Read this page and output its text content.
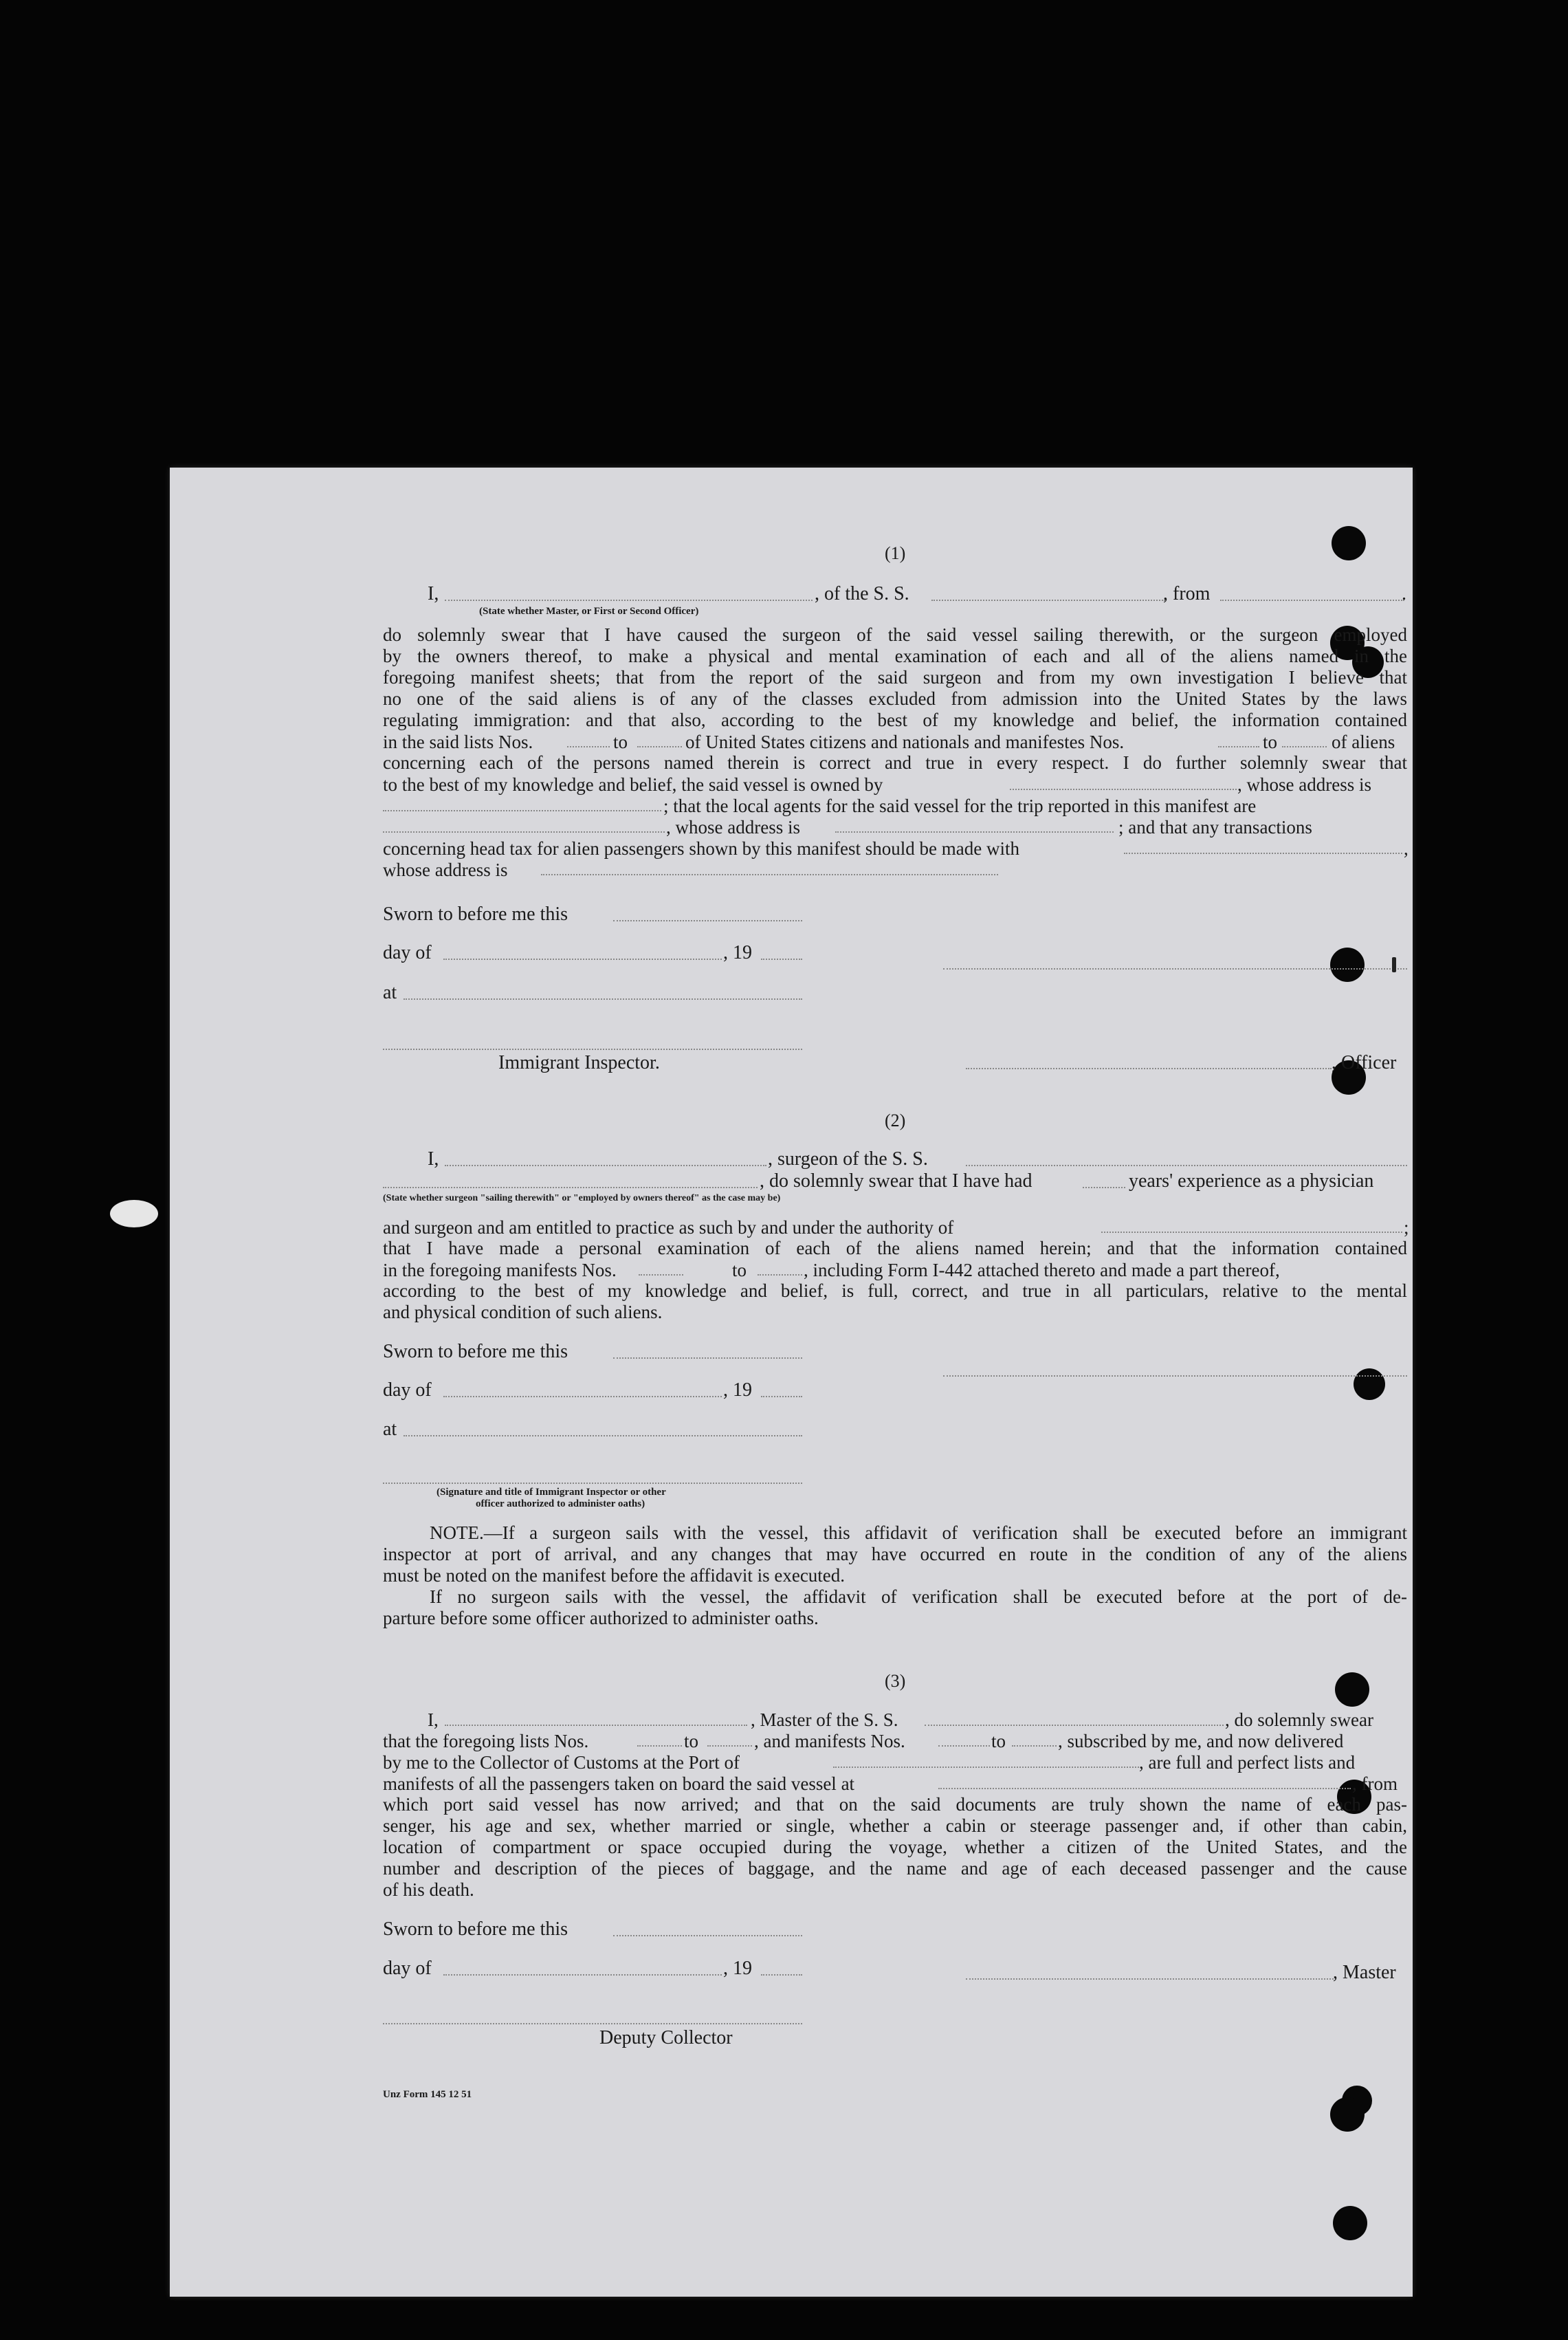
(1)
I,	, of the S. S.	, from	.
(State whether Master, or First or Second Officer)
do solemnly swear that I have caused the surgeon of the said vessel sailing therewith, or the surgeon employed
by the owners thereof, to make a physical and mental examination of each and all of the aliens named in the
foregoing manifest sheets; that from the report of the said surgeon and from my own investigation I believe that
no one of the said aliens is of any of the classes excluded from admission into the United States by the laws
regulating immigration: and that also, according to the best of my knowledge and belief, the information contained
in the said lists Nos.	to	of United States citizens and nationals and manifestes Nos.	to	of aliens
concerning each of the persons named therein is correct and true in every respect. I do further solemnly swear that
to the best of my knowledge and belief, the said vessel is owned by	, whose address is
; that the local agents for the said vessel for the trip reported in this manifest are
, whose address is	; and that any transactions
concerning head tax for alien passengers shown by this manifest should be made with	,
whose address is
Sworn to before me this
day of	, 19
at
Immigrant Inspector.	, Officer
(2)
I,	, surgeon of the S. S.
, do solemnly swear that I have had	years' experience as a physician
(State whether surgeon "sailing therewith" or "employed by owners thereof" as the case may be)
and surgeon and am entitled to practice as such by and under the authority of	;
that I have made a personal examination of each of the aliens named herein; and that the information contained
in the foregoing manifests Nos.	to	, including Form I-442 attached thereto and made a part thereof,
according to the best of my knowledge and belief, is full, correct, and true in all particulars, relative to the mental
and physical condition of such aliens.
Sworn to before me this
day of	, 19
at
(Signature and title of Immigrant Inspector or other
officer authorized to administer oaths)
NOTE.—If a surgeon sails with the vessel, this affidavit of verification shall be executed before an immigrant
inspector at port of arrival, and any changes that may have occurred en route in the condition of any of the aliens
must be noted on the manifest before the affidavit is executed.
If no surgeon sails with the vessel, the affidavit of verification shall be executed before at the port of de-
parture before some officer authorized to administer oaths.
(3)
I,	, Master of the S. S.	, do solemnly swear
that the foregoing lists Nos.	to	, and manifests Nos.	to	, subscribed by me, and now delivered
by me to the Collector of Customs at the Port of	, are full and perfect lists and
manifests of all the passengers taken on board the said vessel at	, from
which port said vessel has now arrived; and that on the said documents are truly shown the name of each pas-
senger, his age and sex, whether married or single, whether a cabin or steerage passenger and, if other than cabin,
location of compartment or space occupied during the voyage, whether a citizen of the United States, and the
number and description of the pieces of baggage, and the name and age of each deceased passenger and the cause
of his death.
Sworn to before me this
day of	, 19	, Master
Deputy Collector
Unz Form 145 12 51
